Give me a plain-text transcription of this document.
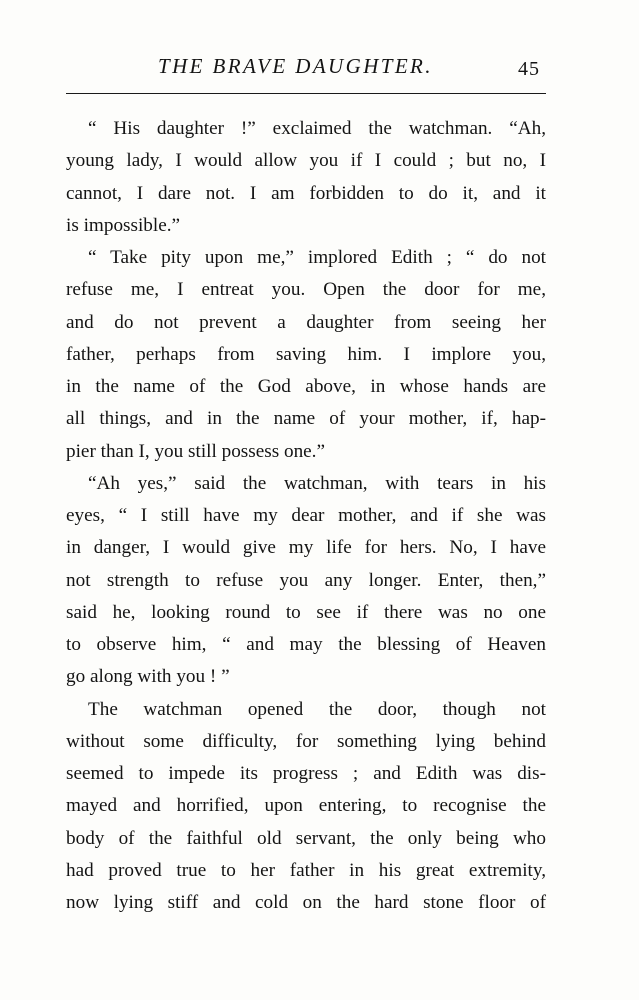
THE BRAVE DAUGHTER.	45
“ His daughter !” exclaimed the watchman. “Ah,
young lady, I would allow you if I could ; but no, I
cannot, I dare not. I am forbidden to do it, and it
is impossible.”
“ Take pity upon me,” implored Edith ; “ do not
refuse me, I entreat you. Open the door for me,
and do not prevent a daughter from seeing her
father, perhaps from saving him. I implore you,
in the name of the God above, in whose hands are
all things, and in the name of your mother, if, hap-
pier than I, you still possess one.”
“Ah yes,” said the watchman, with tears in his
eyes, “ I still have my dear mother, and if she was
in danger, I would give my life for hers. No, I have
not strength to refuse you any longer. Enter, then,”
said he, looking round to see if there was no one
to observe him, “ and may the blessing of Heaven
go along with you ! ”
The watchman opened the door, though not
without some difficulty, for something lying behind
seemed to impede its progress ; and Edith was dis-
mayed and horrified, upon entering, to recognise the
body of the faithful old servant, the only being who
had proved true to her father in his great extremity,
now lying stiff and cold on the hard stone floor of
